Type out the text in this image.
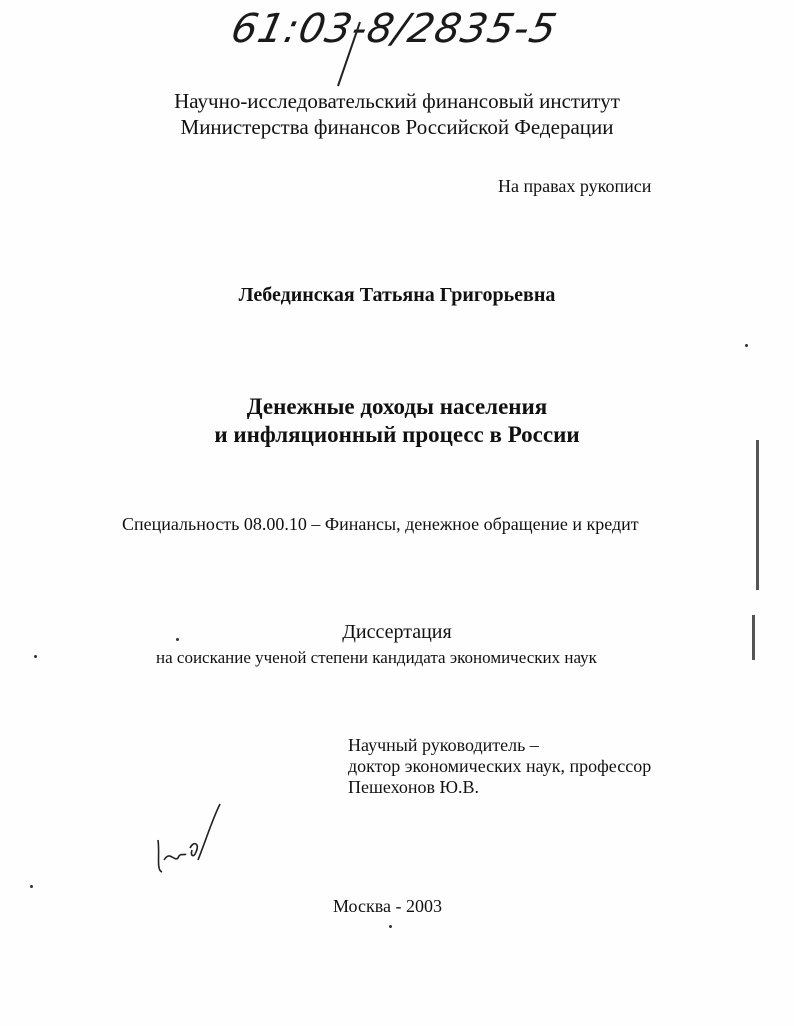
61:03-8/2835-5
Научно-исследовательский финансовый институт
Министерства финансов Российской Федерации
На правах рукописи
Лебединская Татьяна Григорьевна
Денежные доходы населения
и инфляционный процесс в России
Специальность 08.00.10 – Финансы, денежное обращение и кредит
Диссертация
на соискание ученой степени кандидата экономических наук
Научный руководитель –
доктор экономических наук, профессор
Пешехонов Ю.В.
Москва - 2003
